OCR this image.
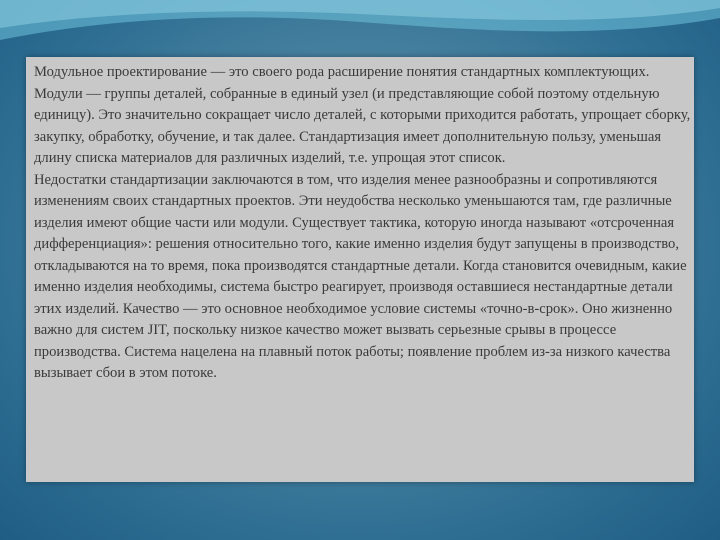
Модульное проектирование — это своего рода расширение понятия стандартных комплектующих. Модули — группы деталей, собранные в единый узел (и представляющие собой поэтому отдельную единицу). Это значительно сокращает число деталей, с которыми приходится работать, упрощает сборку, закупку, обработку, обучение, и так далее. Стандартизация имеет дополнительную пользу, уменьшая длину списка материалов для различных изделий, т.е. упрощая этот список.

Недостатки стандартизации заключаются в том, что изделия менее разнообразны и сопротивляются изменениям своих стандартных проектов. Эти неудобства несколько уменьшаются там, где различные изделия имеют общие части или модули. Существует тактика, которую иногда называют «отсроченная дифференциация»: решения относительно того, какие именно изделия будут запущены в производство, откладываются на то время, пока производятся стандартные детали. Когда становится очевидным, какие именно изделия необходимы, система быстро реагирует, производя оставшиеся нестандартные детали этих изделий. Качество — это основное необходимое условие системы «точно-в-срок». Оно жизненно важно для систем JIT, поскольку низкое качество может вызвать серьезные срывы в процессе производства. Система нацелена на плавный поток работы; появление проблем из-за низкого качества вызывает сбои в этом потоке.
